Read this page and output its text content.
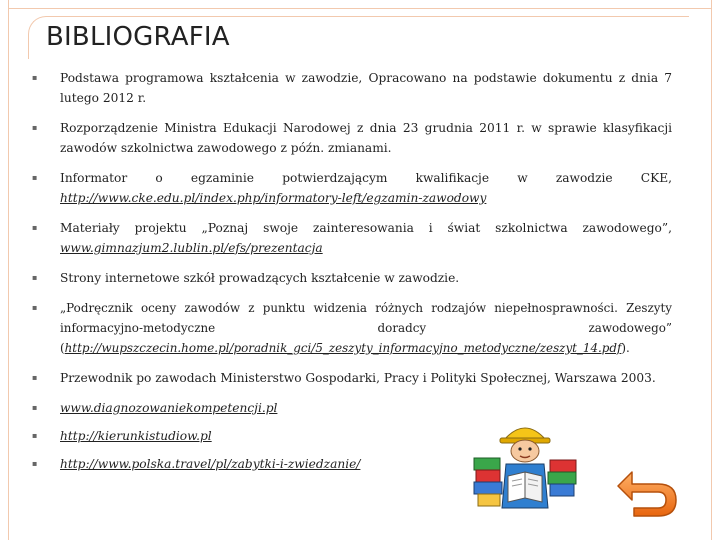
BIBLIOGRAFIA
▪ Podstawa programowa kształcenia w zawodzie, Opracowano na podstawie dokumentu z dnia 7 lutego 2012 r.
▪ Rozporządzenie Ministra Edukacji Narodowej z dnia 23 grudnia 2011 r. w sprawie klasyfikacji zawodów szkolnictwa zawodowego z późn. zmianami.
▪ Informator o egzaminie potwierdzającym kwalifikacje w zawodzie CKE, http://www.cke.edu.pl/index.php/informatory-left/egzamin-zawodowy
▪ Materiały projektu „Poznaj swoje zainteresowania i świat szkolnictwa zawodowego”, www.gimnazjum2.lublin.pl/efs/prezentacja
▪ Strony internetowe szkół prowadzących kształcenie w zawodzie.
▪ „Podręcznik oceny zawodów z punktu widzenia różnych rodzajów niepełnosprawności. Zeszyty informacyjno-metodyczne doradcy zawodowego” (http://wupszczecin.home.pl/poradnik_gci/5_zeszyty_informacyjno_metodyczne/zeszyt_14.pdf).
▪ Przewodnik po zawodach Ministerstwo Gospodarki, Pracy i Polityki Społecznej, Warszawa 2003.
▪ www.diagnozowaniekompetencji.pl
▪ http://kierunkistudiow.pl
▪ http://www.polska.travel/pl/zabytki-i-zwiedzanie/
